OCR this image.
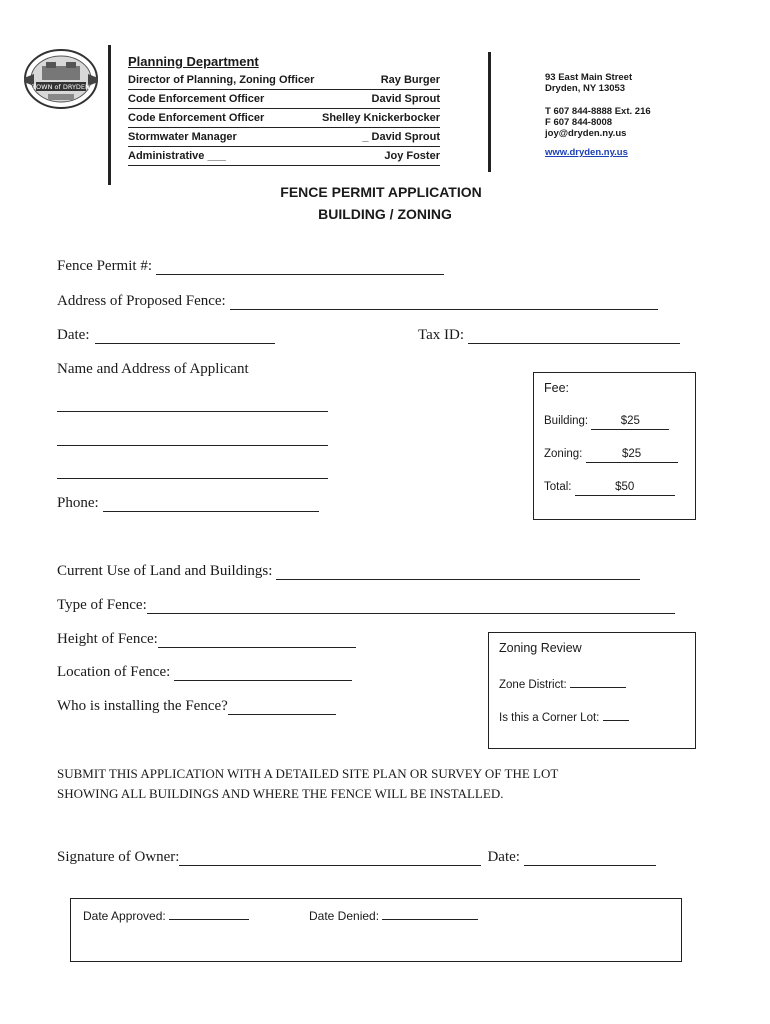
TOWN of DRYDEN
Planning Department
Director of Planning, Zoning Officer	Ray Burger
Code Enforcement Officer	David Sprout
Code Enforcement Officer	Shelley Knickerbocker
Stormwater Manager	_ David Sprout
Administrative ___	Joy Foster
93 East Main Street
Dryden, NY 13053
T 607 844-8888 Ext. 216
F 607 844-8008
joy@dryden.ny.us
www.dryden.ny.us
FENCE PERMIT APPLICATION
BUILDING / ZONING
Fence Permit #:
Address of Proposed Fence:
Date:	Tax ID:
Name and Address of Applicant
Phone:
Fee:
Building:	$25
Zoning:	$25
Total:	$50
Current Use of Land and Buildings:
Type of Fence:
Height of Fence:
Location of Fence:
Who is installing the Fence?
Zoning Review
Zone District:
Is this a Corner Lot:
SUBMIT THIS APPLICATION WITH A DETAILED SITE PLAN OR SURVEY OF THE LOT
SHOWING ALL BUILDINGS AND WHERE THE FENCE WILL BE INSTALLED.
Signature of Owner:	Date:
Date Approved:	Date Denied:
